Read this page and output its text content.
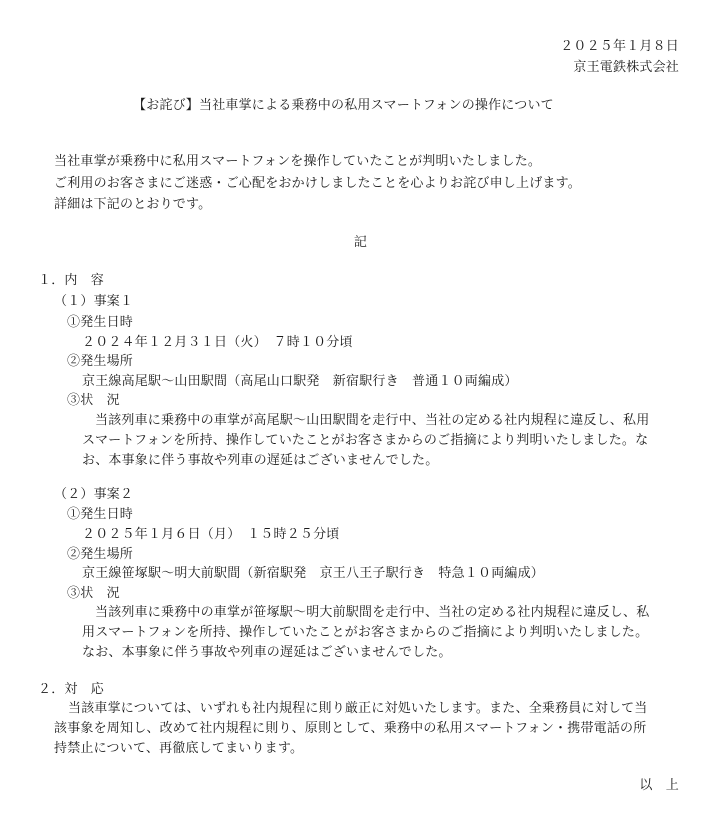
２０２５年１月８日
京王電鉄株式会社
【お詫び】当社車掌による乗務中の私用スマートフォンの操作について
当社車掌が乗務中に私用スマートフォンを操作していたことが判明いたしました。
ご利用のお客さまにご迷惑・ご心配をおかけしましたことを心よりお詫び申し上げます。
詳細は下記のとおりです。
記
１．内　容
（１）事案１
①発生日時
２０２４年１２月３１日（火）　７時１０分頃
②発生場所
京王線高尾駅～山田駅間（高尾山口駅発　新宿駅行き　普通１０両編成）
③状　況
当該列車に乗務中の車掌が高尾駅～山田駅間を走行中、当社の定める社内規程に違反し、私用
スマートフォンを所持、操作していたことがお客さまからのご指摘により判明いたしました。な
お、本事象に伴う事故や列車の遅延はございませんでした。
（２）事案２
①発生日時
２０２５年１月６日（月）　１５時２５分頃
②発生場所
京王線笹塚駅～明大前駅間（新宿駅発　京王八王子駅行き　特急１０両編成）
③状　況
当該列車に乗務中の車掌が笹塚駅～明大前駅間を走行中、当社の定める社内規程に違反し、私
用スマートフォンを所持、操作していたことがお客さまからのご指摘により判明いたしました。
なお、本事象に伴う事故や列車の遅延はございませんでした。
２．対　応
当該車掌については、いずれも社内規程に則り厳正に対処いたします。また、全乗務員に対して当
該事象を周知し、改めて社内規程に則り、原則として、乗務中の私用スマートフォン・携帯電話の所
持禁止について、再徹底してまいります。
以　上
